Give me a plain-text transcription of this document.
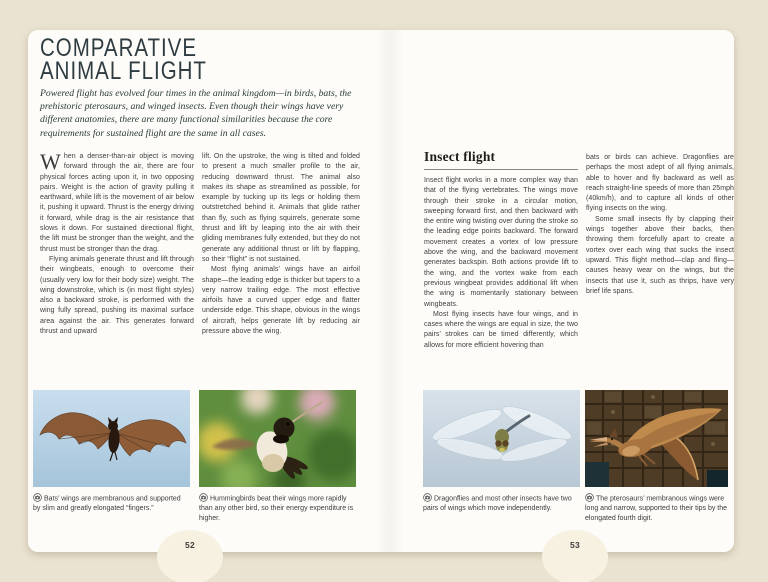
COMPARATIVE
ANIMAL FLIGHT

Powered flight has evolved four times in the animal kingdom—in birds, bats, the prehistoric pterosaurs, and winged insects. Even though their wings have very different anatomies, there are many functional similarities because the core requirements for sustained flight are the same in all cases.

When a denser-than-air object is moving forward through the air, there are four physical forces acting upon it, in two opposing pairs. Weight is the action of gravity pulling it earthward, while lift is the movement of air below it, pushing it upward. Thrust is the energy driving it forward, while drag is the air resistance that slows it down. For sustained directional flight, the lift must be stronger than the weight, and the thrust must be stronger than the drag.

Flying animals generate thrust and lift through their wingbeats, enough to overcome their (usually very low for their body size) weight. The wing downstroke, which is (in most flight styles) also a backward stroke, is performed with the wing fully spread, pushing its maximal surface area against the air. This generates forward thrust and upward

lift. On the upstroke, the wing is tilted and folded to present a much smaller profile to the air, reducing downward thrust. The animal also makes its shape as streamlined as possible, for example by tucking up its legs or holding them outstretched behind it. Animals that glide rather than fly, such as flying squirrels, generate some thrust and lift by leaping into the air with their gliding membranes fully extended, but they do not generate any additional thrust or lift by flapping, so their “flight” is not sustained.

Most flying animals’ wings have an airfoil shape—the leading edge is thicker but tapers to a very narrow trailing edge. The most effective airfoils have a curved upper edge and flatter underside edge. This shape, obvious in the wings of aircraft, helps generate lift by reducing air pressure above the wing.

Insect flight

Insect flight works in a more complex way than that of the flying vertebrates. The wings move through their stroke in a circular motion, sweeping forward first, and then backward with the entire wing twisting over during the stroke so the leading edge points backward. The forward movement creates a vortex of low pressure above the wing, and the backward movement generates backspin. Both actions provide lift to the wing, and the vortex wake from each previous wingbeat provides additional lift when the wing is momentarily stationary between wingbeats.

Most flying insects have four wings, and in cases where the wings are equal in size, the two pairs’ strokes can be timed differently, which allows for more efficient hovering than

bats or birds can achieve. Dragonflies are perhaps the most adept of all flying animals, able to hover and fly backward as well as reach straight-line speeds of more than 25mph (40km/h), and to capture all kinds of other flying insects on the wing.

Some small insects fly by clapping their wings together above their backs, then throwing them forcefully apart to create a vortex over each wing that sucks the insect upward. This flight method—clap and fling—causes heavy wear on the wings, but the insects that use it, such as thrips, have very brief life spans.

Bats’ wings are membranous and supported by slim and greatly elongated “fingers.”
Hummingbirds beat their wings more rapidly than any other bird, so their energy expenditure is higher.
Dragonflies and most other insects have two pairs of wings which move independently.
The pterosaurs’ membranous wings were long and narrow, supported to their tips by the elongated fourth digit.
52	53
